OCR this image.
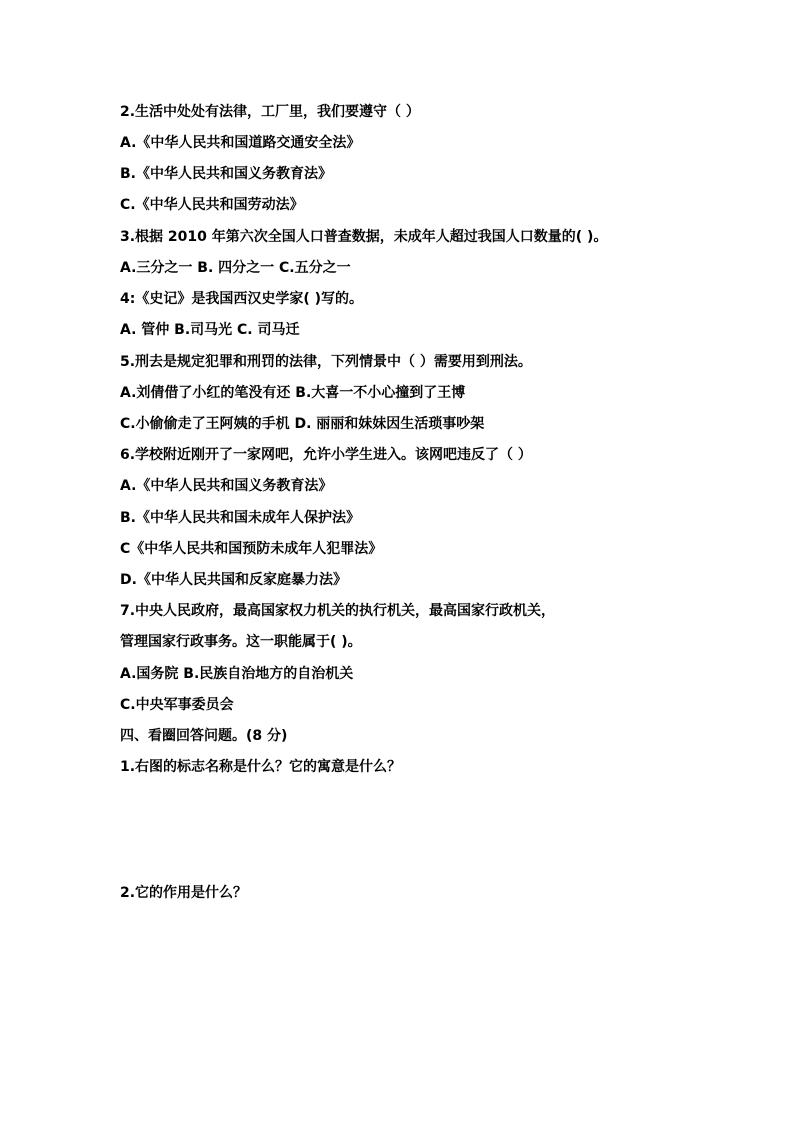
2.生活中处处有法律，工厂里，我们要遵守（ ）
A.《中华人民共和国道路交通安全法》
B.《中华人民共和国义务教育法》
C.《中华人民共和国劳动法》
3.根据 2010 年第六次全国人口普查数据，未成年人超过我国人口数量的( )。
A.三分之一 B. 四分之一 C.五分之一
4:《史记》是我国西汉史学家( )写的。
A. 管仲 B.司马光 C. 司马迁
5.刑去是规定犯罪和刑罚的法律，下列情景中（ ）需要用到刑法。
A.刘倩借了小红的笔没有还 B.大喜一不小心撞到了王博
C.小偷偷走了王阿姨的手机 D. 丽丽和妹妹因生活琐事吵架
6.学校附近刚开了一家网吧，允许小学生进入。该网吧违反了（ ）
A.《中华人民共和国义务教育法》
B.《中华人民共和国未成年人保护法》
C《中华人民共和国预防未成年人犯罪法》
D.《中华人民共国和反家庭暴力法》
7.中央人民政府，最高国家权力机关的执行机关，最高国家行政机关，
管理国家行政事务。这一职能属于( )。
A.国务院 B.民族自治地方的自治机关
C.中央军事委员会
四、看圈回答问题。(8 分)
1.右图的标志名称是什么？它的寓意是什么？
2.它的作用是什么？
